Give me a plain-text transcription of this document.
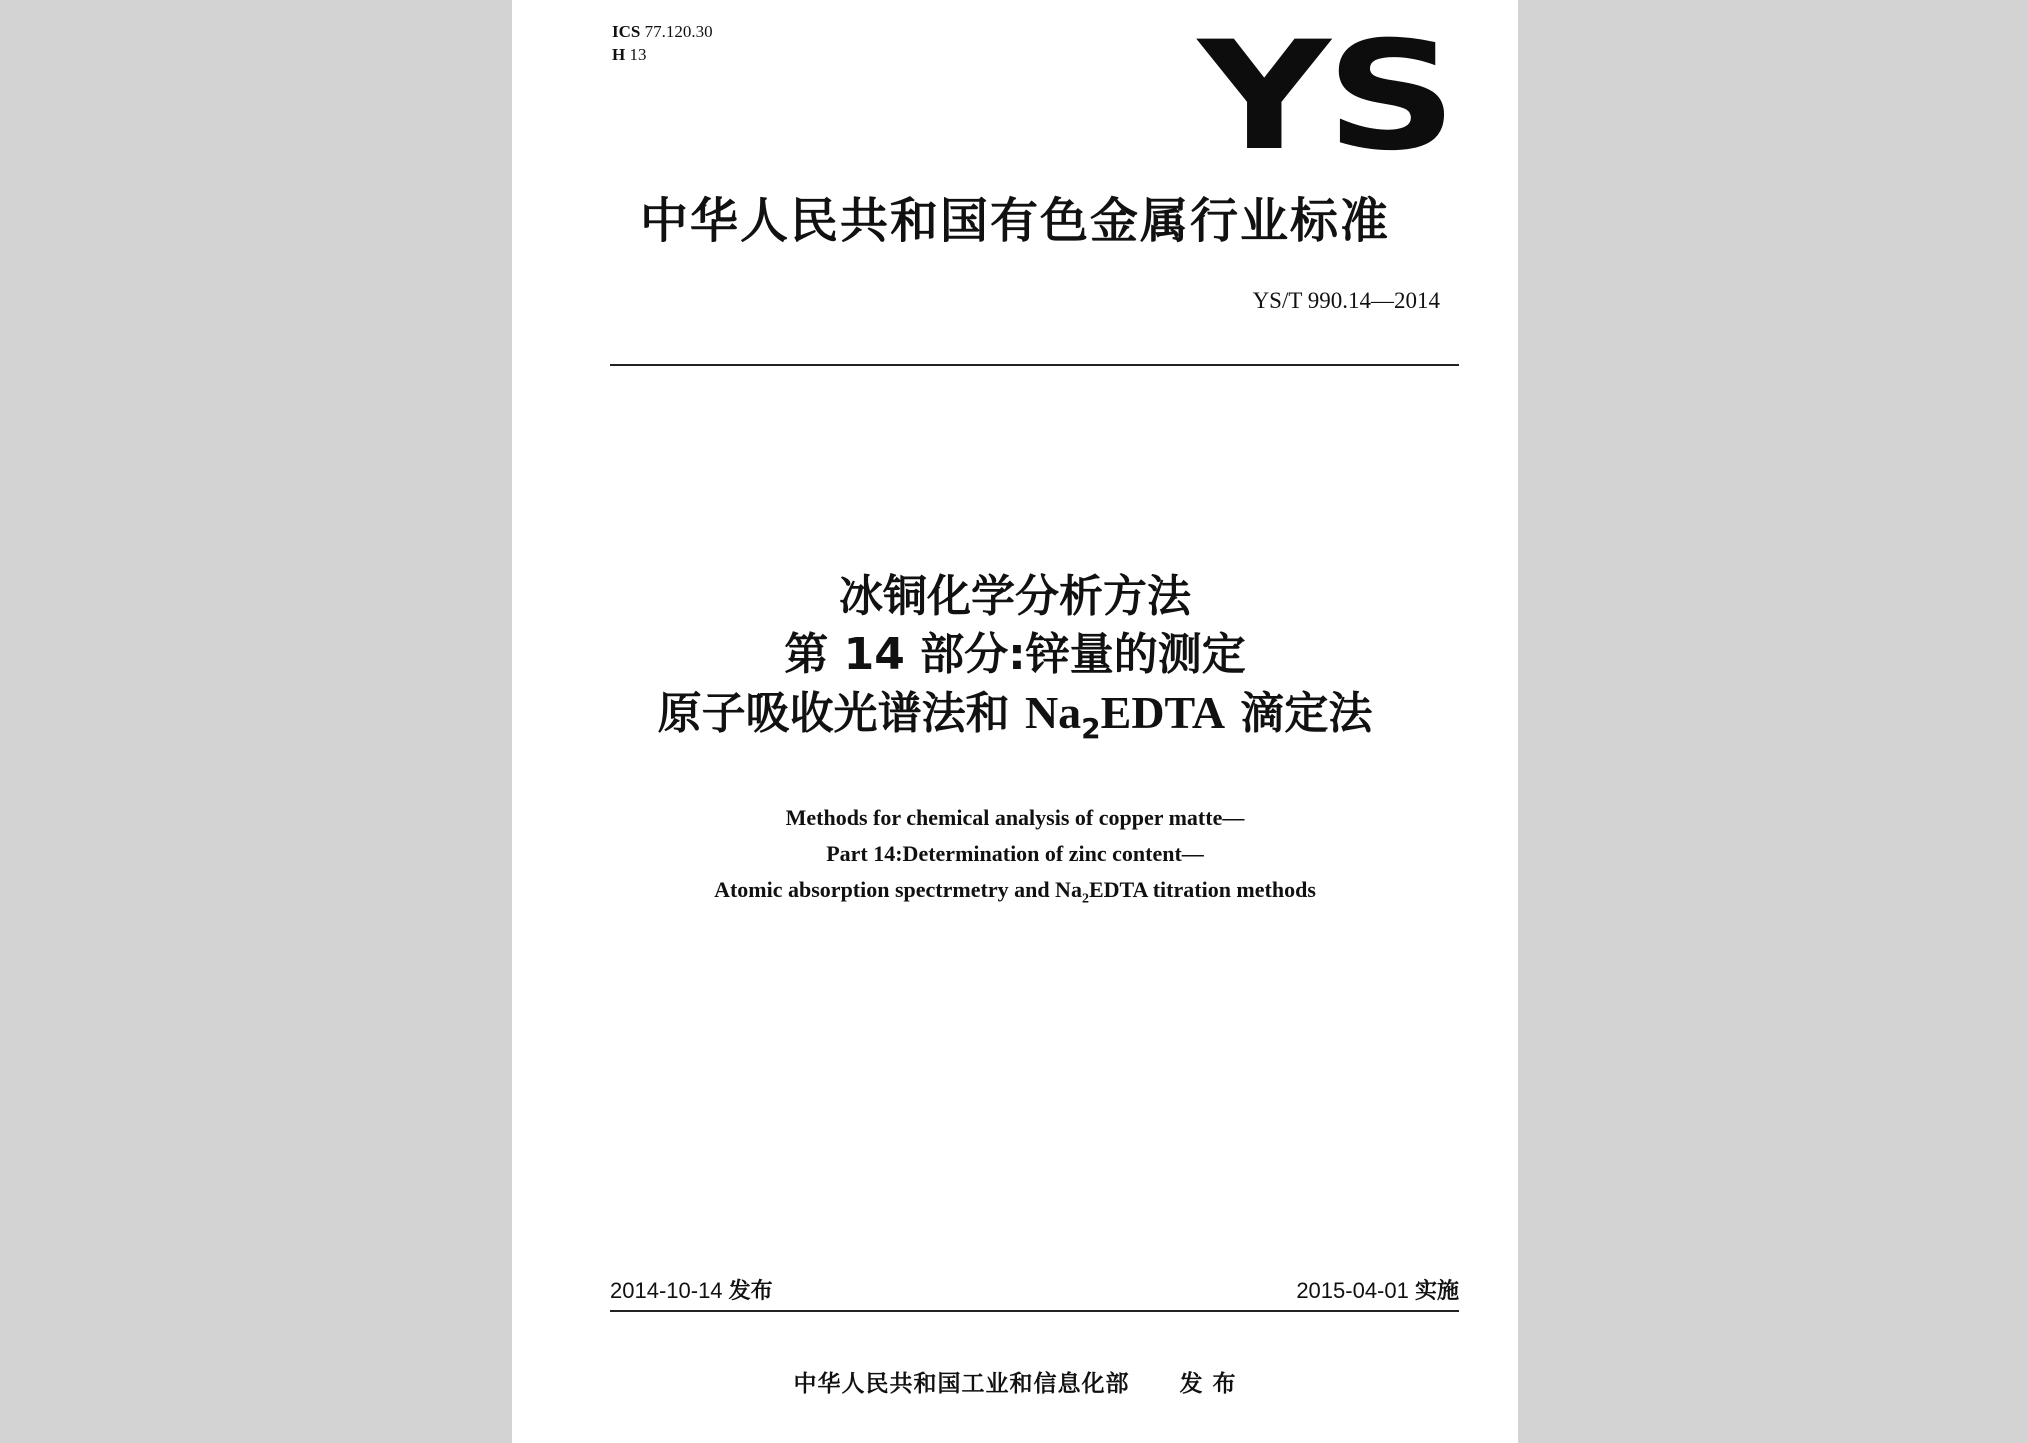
ICS 77.120.30
H 13	YS
中华人民共和国有色金属行业标准
YS/T 990.14—2014
冰铜化学分析方法
第 14 部分:锌量的测定
原子吸收光谱法和 $Na_2EDTA$ 滴定法
Methods for chemical analysis of copper matte—
Part 14:Determination of zinc content—
Atomic absorption spectrmetry and $Na_2EDTA$ titration methods
2014-10-14 发布	2015-04-01 实施
中华人民共和国工业和信息化部 发 布
